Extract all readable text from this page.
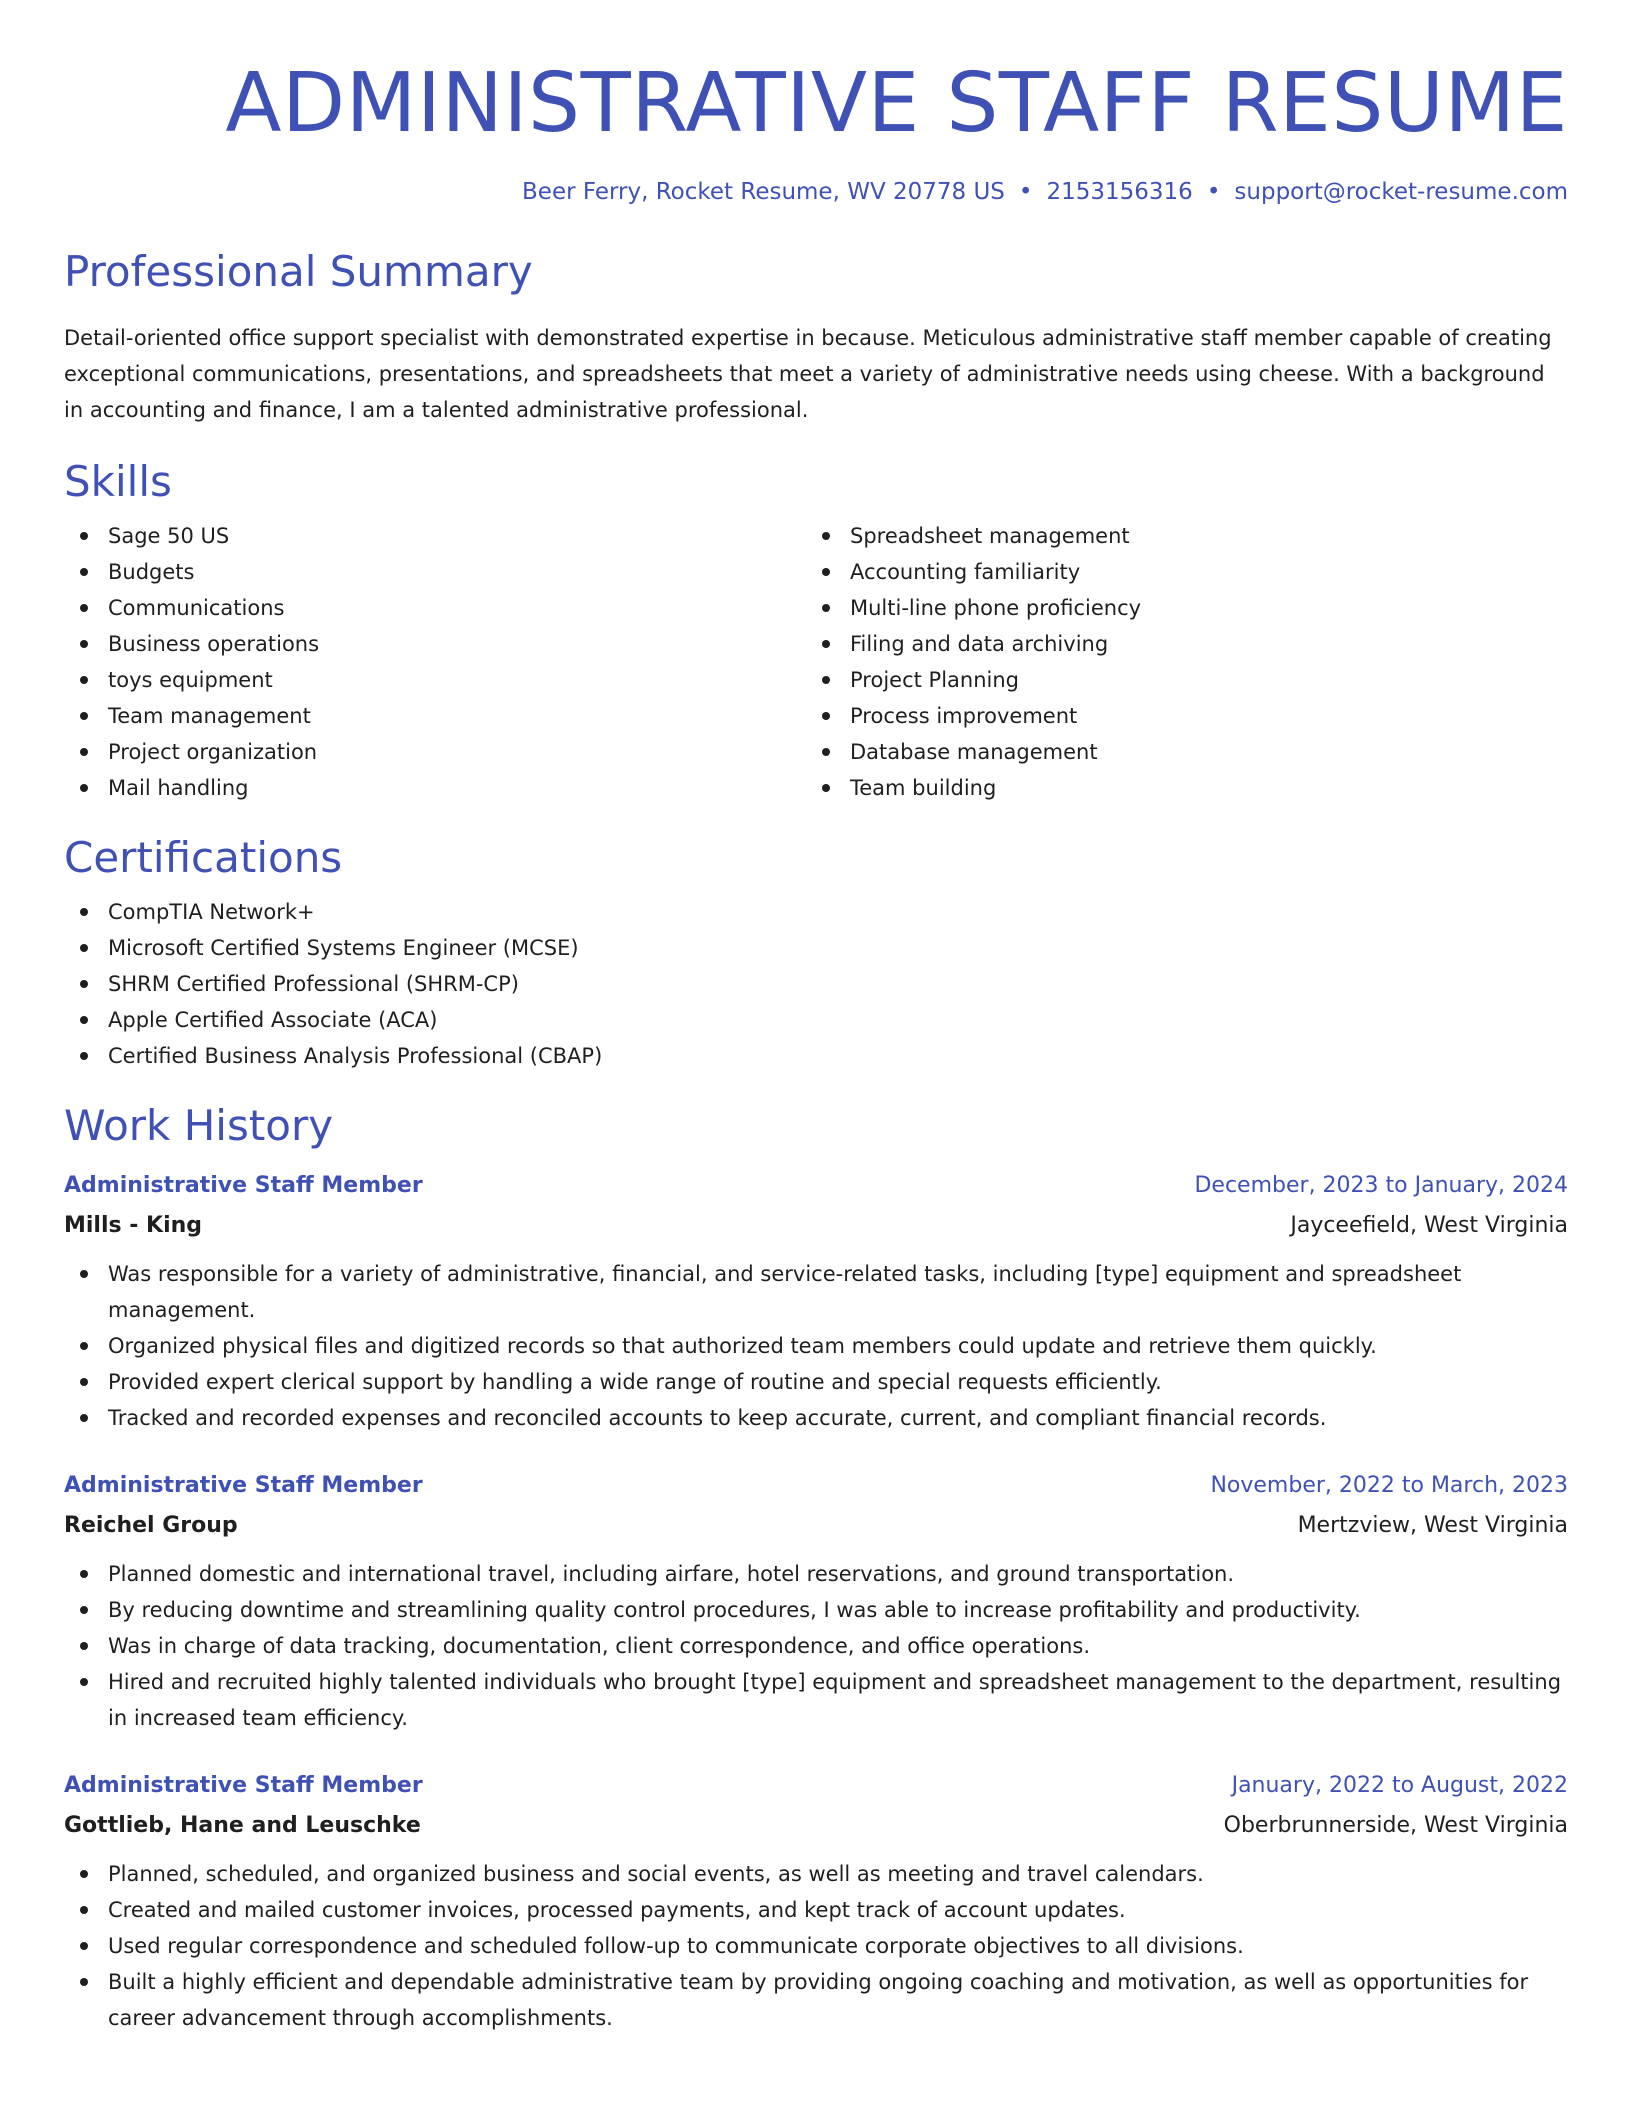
ADMINISTRATIVE STAFF RESUME
Beer Ferry, Rocket Resume, WV 20778 US • 2153156316 • support@rocket-resume.com
Professional Summary

Detail-oriented office support specialist with demonstrated expertise in because. Meticulous administrative staff member capable of creating exceptional communications, presentations, and spreadsheets that meet a variety of administrative needs using cheese. With a background in accounting and finance, I am a talented administrative professional.

Skills
Sage 50 US
Budgets
Communications
Business operations
toys equipment
Team management
Project organization
Mail handling
Spreadsheet management
Accounting familiarity
Multi-line phone proficiency
Filing and data archiving
Project Planning
Process improvement
Database management
Team building
Certifications
CompTIA Network+
Microsoft Certified Systems Engineer (MCSE)
SHRM Certified Professional (SHRM-CP)
Apple Certified Associate (ACA)
Certified Business Analysis Professional (CBAP)
Work History
Administrative Staff Member	December, 2023 to January, 2024
Mills - King	Jayceefield, West Virginia
Was responsible for a variety of administrative, financial, and service-related tasks, including [type] equipment and spreadsheet management.
Organized physical files and digitized records so that authorized team members could update and retrieve them quickly.
Provided expert clerical support by handling a wide range of routine and special requests efficiently.
Tracked and recorded expenses and reconciled accounts to keep accurate, current, and compliant financial records.
Administrative Staff Member	November, 2022 to March, 2023
Reichel Group	Mertzview, West Virginia
Planned domestic and international travel, including airfare, hotel reservations, and ground transportation.
By reducing downtime and streamlining quality control procedures, I was able to increase profitability and productivity.
Was in charge of data tracking, documentation, client correspondence, and office operations.
Hired and recruited highly talented individuals who brought [type] equipment and spreadsheet management to the department, resulting in increased team efficiency.
Administrative Staff Member	January, 2022 to August, 2022
Gottlieb, Hane and Leuschke	Oberbrunnerside, West Virginia
Planned, scheduled, and organized business and social events, as well as meeting and travel calendars.
Created and mailed customer invoices, processed payments, and kept track of account updates.
Used regular correspondence and scheduled follow-up to communicate corporate objectives to all divisions.
Built a highly efficient and dependable administrative team by providing ongoing coaching and motivation, as well as opportunities for career advancement through accomplishments.
